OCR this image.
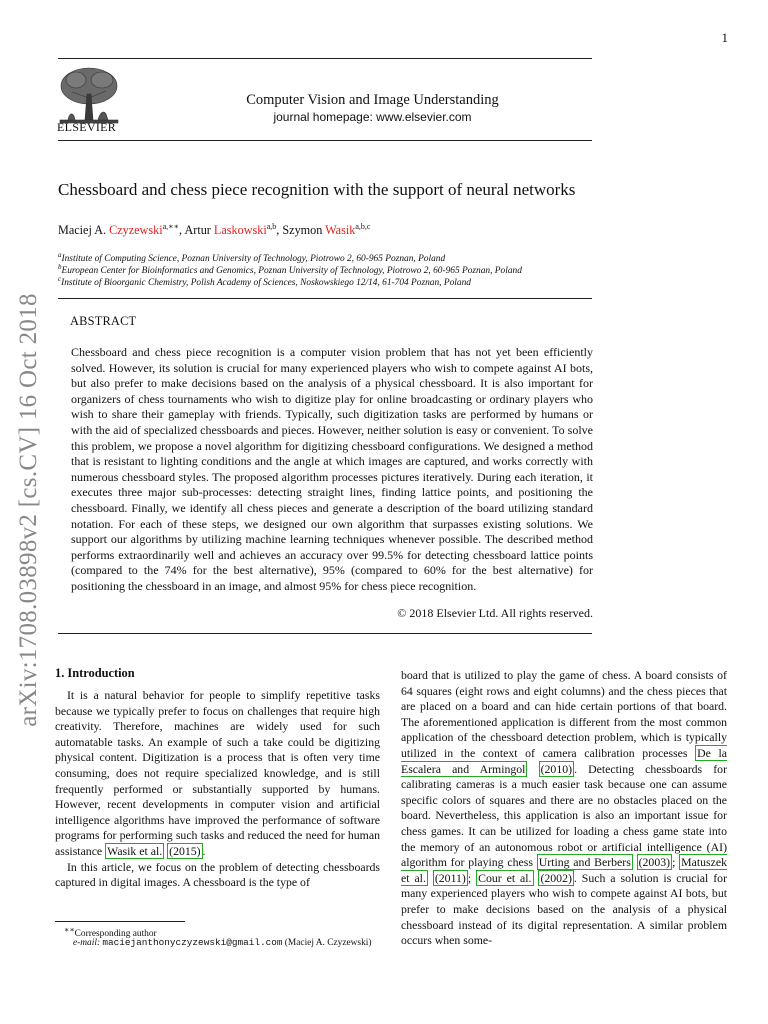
1
ELSEVIER
Computer Vision and Image Understanding
journal homepage: www.elsevier.com
arXiv:1708.03898v2 [cs.CV] 16 Oct 2018
Chessboard and chess piece recognition with the support of neural networks
Maciej A. Czyzewski$^{a,∗∗}$, Artur Laskowski$^{a,b}$, Szymon Wasik$^{a,b,c}$
$^a$Institute of Computing Science, Poznan University of Technology, Piotrowo 2, 60-965 Poznan, Poland
$^b$European Center for Bioinformatics and Genomics, Poznan University of Technology, Piotrowo 2, 60-965 Poznan, Poland
$^c$Institute of Bioorganic Chemistry, Polish Academy of Sciences, Noskowskiego 12/14, 61-704 Poznan, Poland
ABSTRACT
Chessboard and chess piece recognition is a computer vision problem that has not yet been efficiently solved. However, its solution is crucial for many experienced players who wish to compete against AI bots, but also prefer to make decisions based on the analysis of a physical chessboard. It is also important for organizers of chess tournaments who wish to digitize play for online broadcasting or ordinary players who wish to share their gameplay with friends. Typically, such digitization tasks are performed by humans or with the aid of specialized chessboards and pieces. However, neither solution is easy or convenient. To solve this problem, we propose a novel algorithm for digitizing chessboard configurations. We designed a method that is resistant to lighting conditions and the angle at which images are captured, and works correctly with numerous chessboard styles. The proposed algorithm processes pictures iteratively. During each iteration, it executes three major sub-processes: detecting straight lines, finding lattice points, and positioning the chessboard. Finally, we identify all chess pieces and generate a description of the board utilizing standard notation. For each of these steps, we designed our own algorithm that surpasses existing solutions. We support our algorithms by utilizing machine learning techniques whenever possible. The described method performs extraordinarily well and achieves an accuracy over 99.5% for detecting chessboard lattice points (compared to the 74% for the best alternative), 95% (compared to 60% for the best alternative) for positioning the chessboard in an image, and almost 95% for chess piece recognition.
© 2018 Elsevier Ltd. All rights reserved.
1. Introduction

It is a natural behavior for people to simplify repetitive tasks because we typically prefer to focus on challenges that require high creativity. Therefore, machines are widely used for such automatable tasks. An example of such a take could be digitizing physical content. Digitization is a process that is often very time consuming, does not require specialized knowledge, and is still frequently performed or substantially supported by humans. However, recent developments in computer vision and artificial intelligence algorithms have improved the performance of software programs for performing such tasks and reduced the need for human assistance Wasik et al. (2015) .

In this article, we focus on the problem of detecting chessboards captured in digital images. A chessboard is the type of

board that is utilized to play the game of chess. A board consists of 64 squares (eight rows and eight columns) and the chess pieces that are placed on a board and can hide certain portions of that board. The aforementioned application is different from the most common application of the chessboard detection problem, which is typically utilized in the context of camera calibration processes De la Escalera and Armingol (2010) . Detecting chessboards for calibrating cameras is a much easier task because one can assume specific colors of squares and there are no obstacles placed on the board. Nevertheless, this application is also an important issue for chess games. It can be utilized for loading a chess game state into the memory of an autonomous robot or artificial intelligence (AI) algorithm for playing chess Urting and Berbers (2003) ; Matuszek et al. (2011) ; Cour et al. (2002) . Such a solution is crucial for many experienced players who wish to compete against AI bots, but prefer to make decisions based on the analysis of a physical chessboard instead of its digital representation. A similar problem occurs when some-

∗∗Corresponding author
e-mail: maciejanthonyczyzewski@gmail.com (Maciej A. Czyzewski)
